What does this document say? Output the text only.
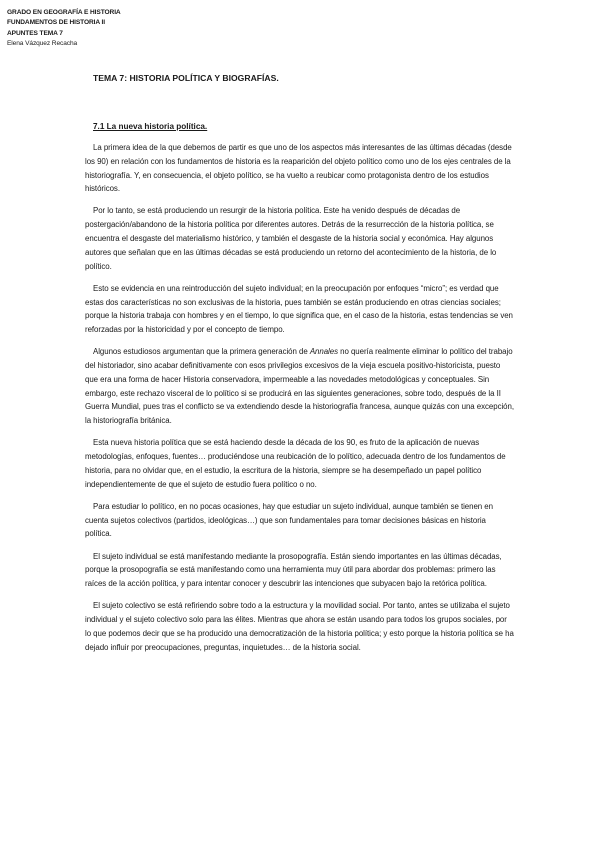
GRADO EN GEOGRAFÍA E HISTORIA
FUNDAMENTOS DE HISTORIA II
APUNTES TEMA 7
Elena Vázquez Recacha
TEMA 7: HISTORIA POLÍTICA Y BIOGRAFÍAS.
7.1 La nueva historia política.

La primera idea de la que debemos de partir es que uno de los aspectos más interesantes de las últimas décadas (desde los 90) en relación con los fundamentos de historia es la reaparición del objeto político como uno de los ejes centrales de la historiografía. Y, en consecuencia, el objeto político, se ha vuelto a reubicar como protagonista dentro de los estudios históricos.

Por lo tanto, se está produciendo un resurgir de la historia política. Este ha venido después de décadas de postergación/abandono de la historia política por diferentes autores. Detrás de la resurrección de la historia política, se encuentra el desgaste del materialismo histórico, y también el desgaste de la historia social y económica. Hay algunos autores que señalan que en las últimas décadas se está produciendo un retorno del acontecimiento de la historia, de lo político.

Esto se evidencia en una reintroducción del sujeto individual; en la preocupación por enfoques “micro”; es verdad que estas dos características no son exclusivas de la historia, pues también se están produciendo en otras ciencias sociales; porque la historia trabaja con hombres y en el tiempo, lo que significa que, en el caso de la historia, estas tendencias se ven reforzadas por la historicidad y por el concepto de tiempo.

Algunos estudiosos argumentan que la primera generación de Annales no quería realmente eliminar lo político del trabajo del historiador, sino acabar definitivamente con esos privilegios excesivos de la vieja escuela positivo-historicista, puesto que era una forma de hacer Historia conservadora, impermeable a las novedades metodológicas y conceptuales. Sin embargo, este rechazo visceral de lo político si se producirá en las siguientes generaciones, sobre todo, después de la II Guerra Mundial, pues tras el conflicto se va extendiendo desde la historiografía francesa, aunque quizás con una excepción, la historiografía británica.

Esta nueva historia política que se está haciendo desde la década de los 90, es fruto de la aplicación de nuevas metodologías, enfoques, fuentes… produciéndose una reubicación de lo político, adecuada dentro de los fundamentos de historia, para no olvidar que, en el estudio, la escritura de la historia, siempre se ha desempeñado un papel político independientemente de que el sujeto de estudio fuera político o no.

Para estudiar lo político, en no pocas ocasiones, hay que estudiar un sujeto individual, aunque también se tienen en cuenta sujetos colectivos (partidos, ideológicas…) que son fundamentales para tomar decisiones básicas en historia política.

El sujeto individual se está manifestando mediante la prosopografía. Están siendo importantes en las últimas décadas, porque la prosopografía se está manifestando como una herramienta muy útil para abordar dos problemas: primero las raíces de la acción política, y para intentar conocer y descubrir las intenciones que subyacen bajo la retórica política.

El sujeto colectivo se está refiriendo sobre todo a la estructura y la movilidad social. Por tanto, antes se utilizaba el sujeto individual y el sujeto colectivo solo para las élites. Mientras que ahora se están usando para todos los grupos sociales, por lo que podemos decir que se ha producido una democratización de la historia política; y esto porque la historia política se ha dejado influir por preocupaciones, preguntas, inquietudes… de la historia social.
